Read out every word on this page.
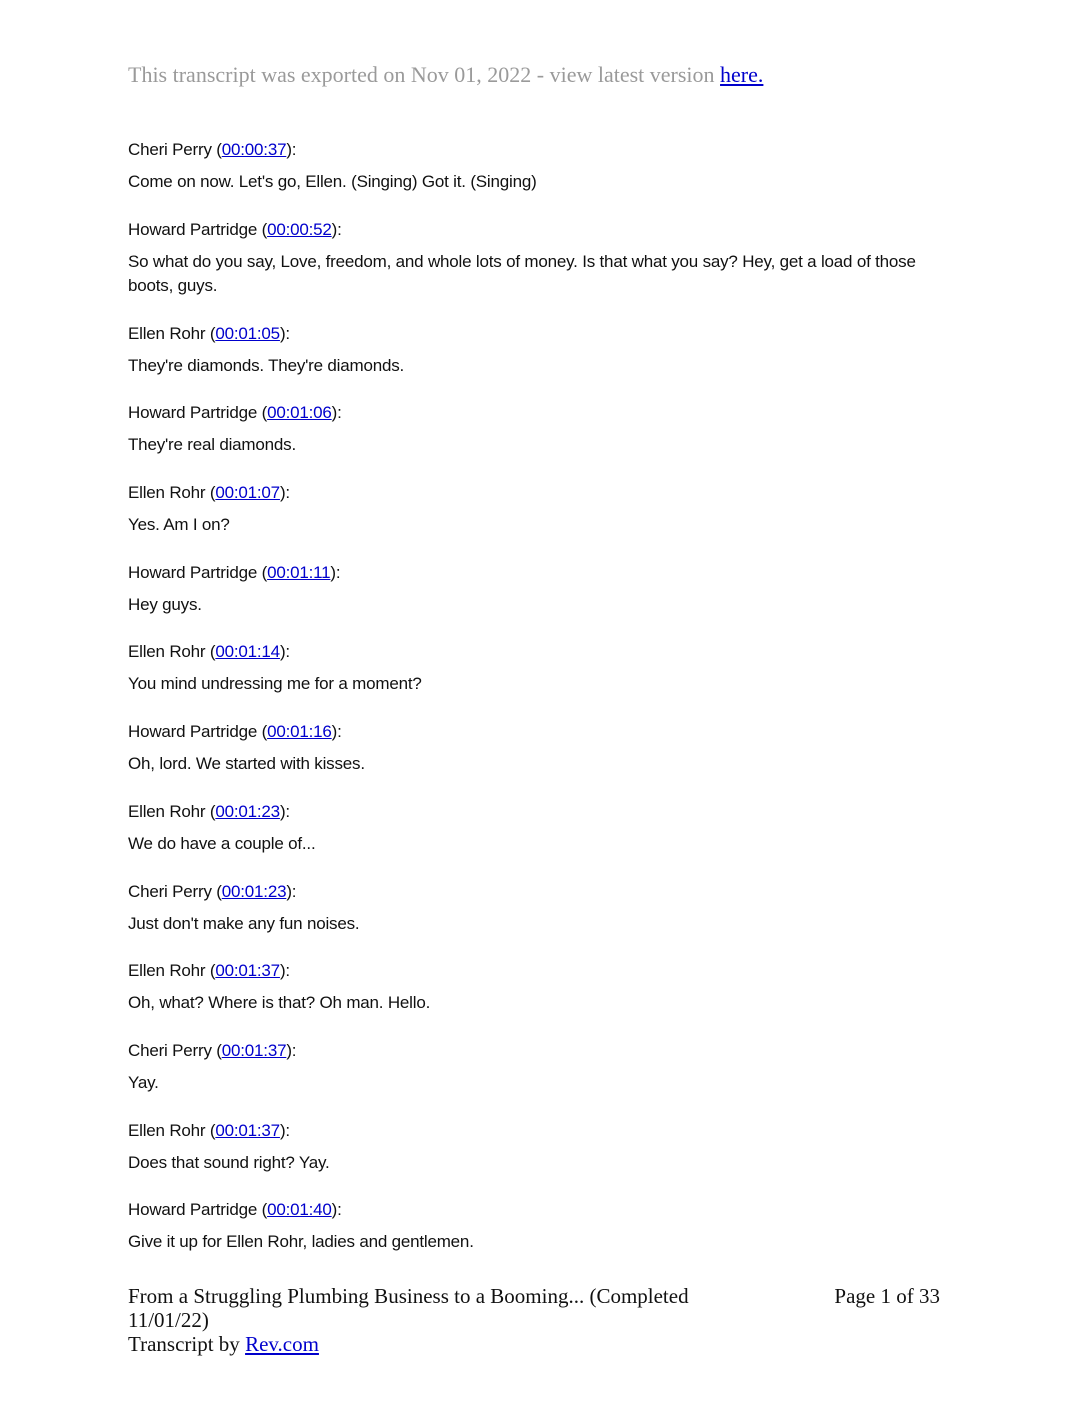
This transcript was exported on Nov 01, 2022 - view latest version here.
Cheri Perry (00:00:37):
Come on now. Let's go, Ellen. (Singing) Got it. (Singing)
Howard Partridge (00:00:52):
So what do you say, Love, freedom, and whole lots of money. Is that what you say? Hey, get a load of those boots, guys.
Ellen Rohr (00:01:05):
They're diamonds. They're diamonds.
Howard Partridge (00:01:06):
They're real diamonds.
Ellen Rohr (00:01:07):
Yes. Am I on?
Howard Partridge (00:01:11):
Hey guys.
Ellen Rohr (00:01:14):
You mind undressing me for a moment?
Howard Partridge (00:01:16):
Oh, lord. We started with kisses.
Ellen Rohr (00:01:23):
We do have a couple of...
Cheri Perry (00:01:23):
Just don't make any fun noises.
Ellen Rohr (00:01:37):
Oh, what? Where is that? Oh man. Hello.
Cheri Perry (00:01:37):
Yay.
Ellen Rohr (00:01:37):
Does that sound right? Yay.
Howard Partridge (00:01:40):
Give it up for Ellen Rohr, ladies and gentlemen.
From a Struggling Plumbing Business to a Booming... (Completed 11/01/22)
Transcript by Rev.com
Page 1 of 33
